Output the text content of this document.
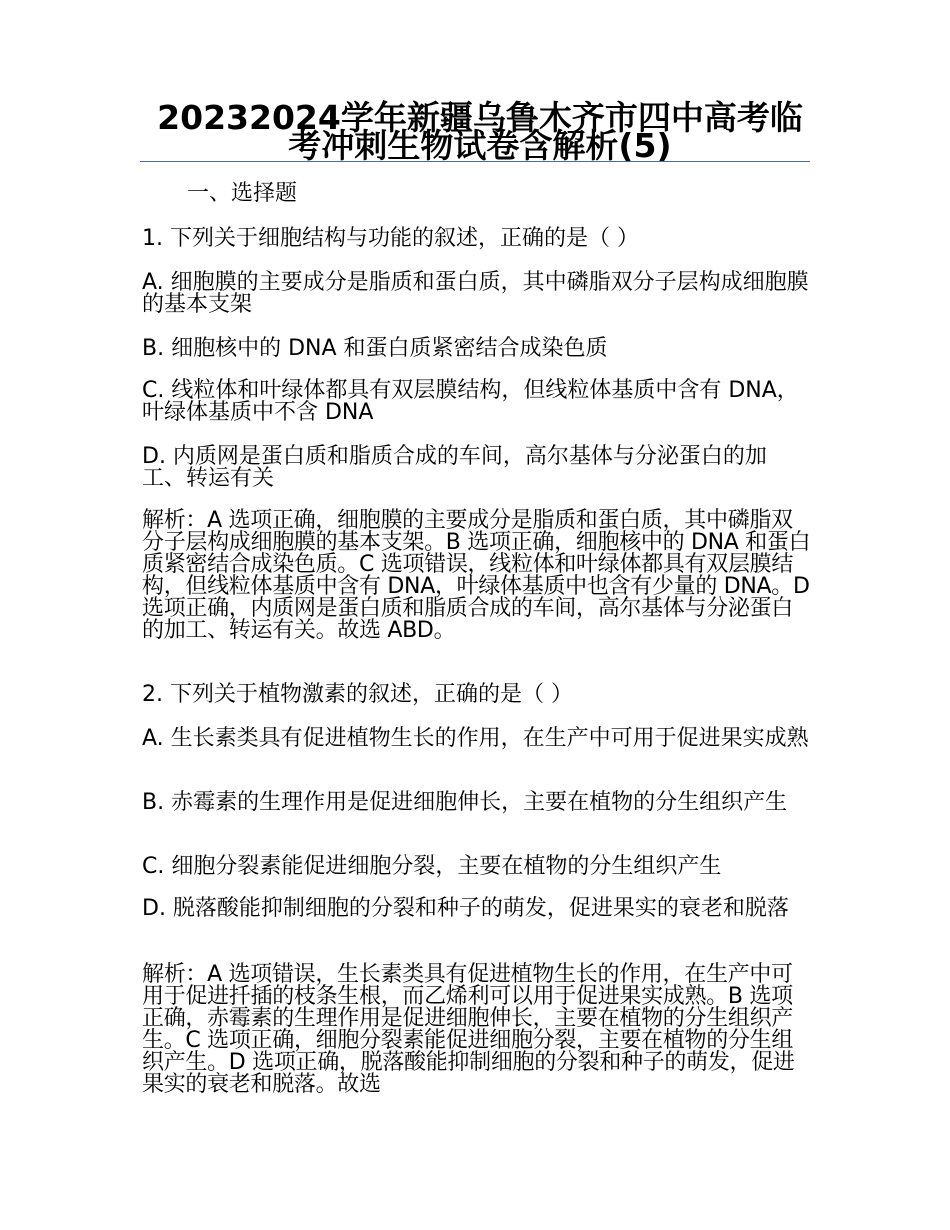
20232024学年新疆乌鲁木齐市四中高考临考冲刺生物试卷含解析(5)
一、选择题
1. 下列关于细胞结构与功能的叙述，正确的是（ ）
A. 细胞膜的主要成分是脂质和蛋白质，其中磷脂双分子层构成细胞膜的基本支架
B. 细胞核中的 DNA 和蛋白质紧密结合成染色质
C. 线粒体和叶绿体都具有双层膜结构，但线粒体基质中含有 DNA，叶绿体基质中不含 DNA
D. 内质网是蛋白质和脂质合成的车间，高尔基体与分泌蛋白的加工、转运有关
解析：A 选项正确，细胞膜的主要成分是脂质和蛋白质，其中磷脂双分子层构成细胞膜的基本支架。B 选项正确，细胞核中的 DNA 和蛋白质紧密结合成染色质。C 选项错误，线粒体和叶绿体都具有双层膜结构，但线粒体基质中含有 DNA，叶绿体基质中也含有少量的 DNA。D 选项正确，内质网是蛋白质和脂质合成的车间，高尔基体与分泌蛋白的加工、转运有关。故选 ABD。
2. 下列关于植物激素的叙述，正确的是（ ）
A. 生长素类具有促进植物生长的作用，在生产中可用于促进果实成熟
B. 赤霉素的生理作用是促进细胞伸长，主要在植物的分生组织产生
C. 细胞分裂素能促进细胞分裂，主要在植物的分生组织产生
D. 脱落酸能抑制细胞的分裂和种子的萌发，促进果实的衰老和脱落
解析：A 选项错误，生长素类具有促进植物生长的作用，在生产中可用于促进扦插的枝条生根，而乙烯利可以用于促进果实成熟。B 选项正确，赤霉素的生理作用是促进细胞伸长，主要在植物的分生组织产生。C 选项正确，细胞分裂素能促进细胞分裂，主要在植物的分生组织产生。D 选项正确，脱落酸能抑制细胞的分裂和种子的萌发，促进果实的衰老和脱落。故选
